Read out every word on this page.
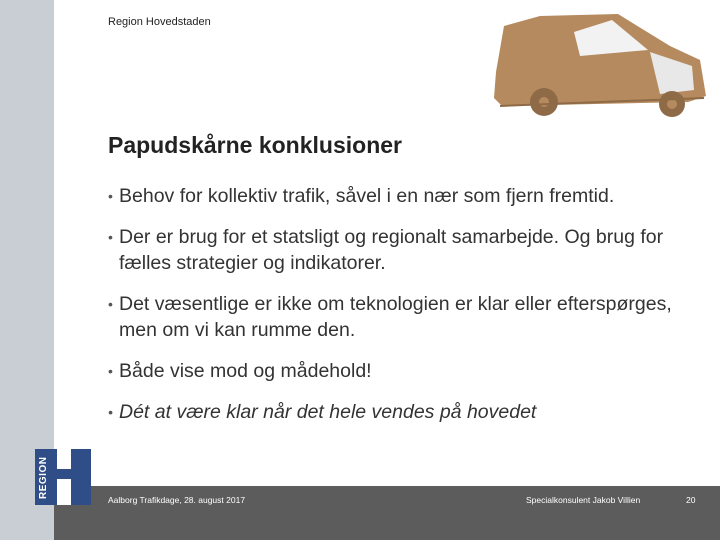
REGION
Region Hovedstaden
Papudskårne konklusioner
• Behov for kollektiv trafik, såvel i en nær som fjern fremtid.
• Der er brug for et statsligt og regionalt samarbejde. Og brug for fælles strategier og indikatorer.
• Det væsentlige er ikke om teknologien er klar eller efterspørges, men om vi kan rumme den.
• Både vise mod og mådehold!
• Dét at være klar når det hele vendes på hovedet
Aalborg Trafikdage, 28. august 2017	Specialkonsulent Jakob Villien	20
